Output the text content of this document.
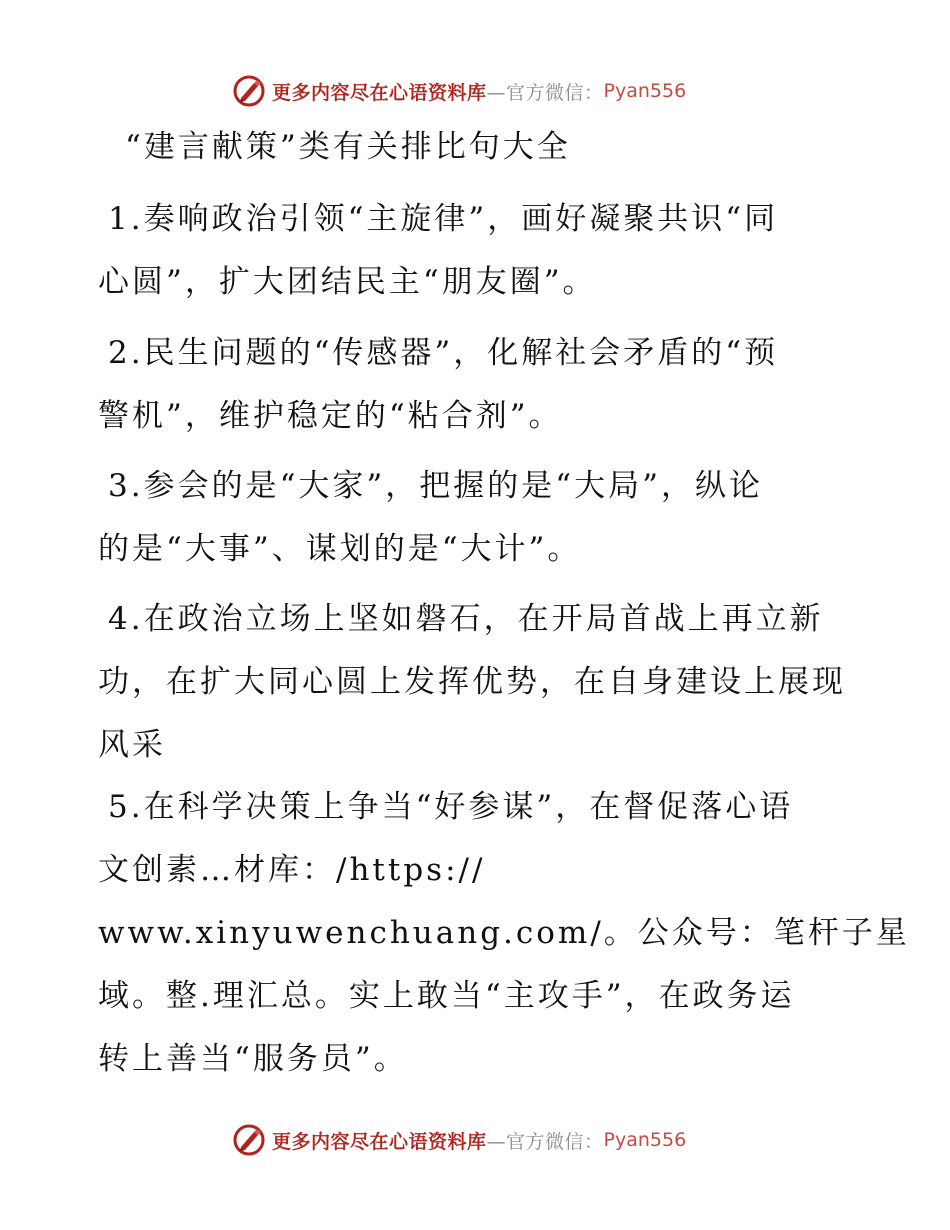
更多内容尽在心语资料库 —官方微信： Pyan556
“建言献策”类有关排比句大全
1.奏响政治引领“主旋律”，画好凝聚共识“同
心圆”，扩大团结民主“朋友圈”。
2.民生问题的“传感器”，化解社会矛盾的“预
警机”，维护稳定的“粘合剂”。
3.参会的是“大家”，把握的是“大局”，纵论
的是“大事”、谋划的是“大计”。
4.在政治立场上坚如磐石，在开局首战上再立新
功，在扩大同心圆上发挥优势，在自身建设上展现
风采
5.在科学决策上争当“好参谋”，在督促落心语
文创素…材库：/https://
www.xinyuwenchuang.com/。公众号：笔杆子星
域。整.理汇总。实上敢当“主攻手”，在政务运
转上善当“服务员”。
更多内容尽在心语资料库 —官方微信： Pyan556
